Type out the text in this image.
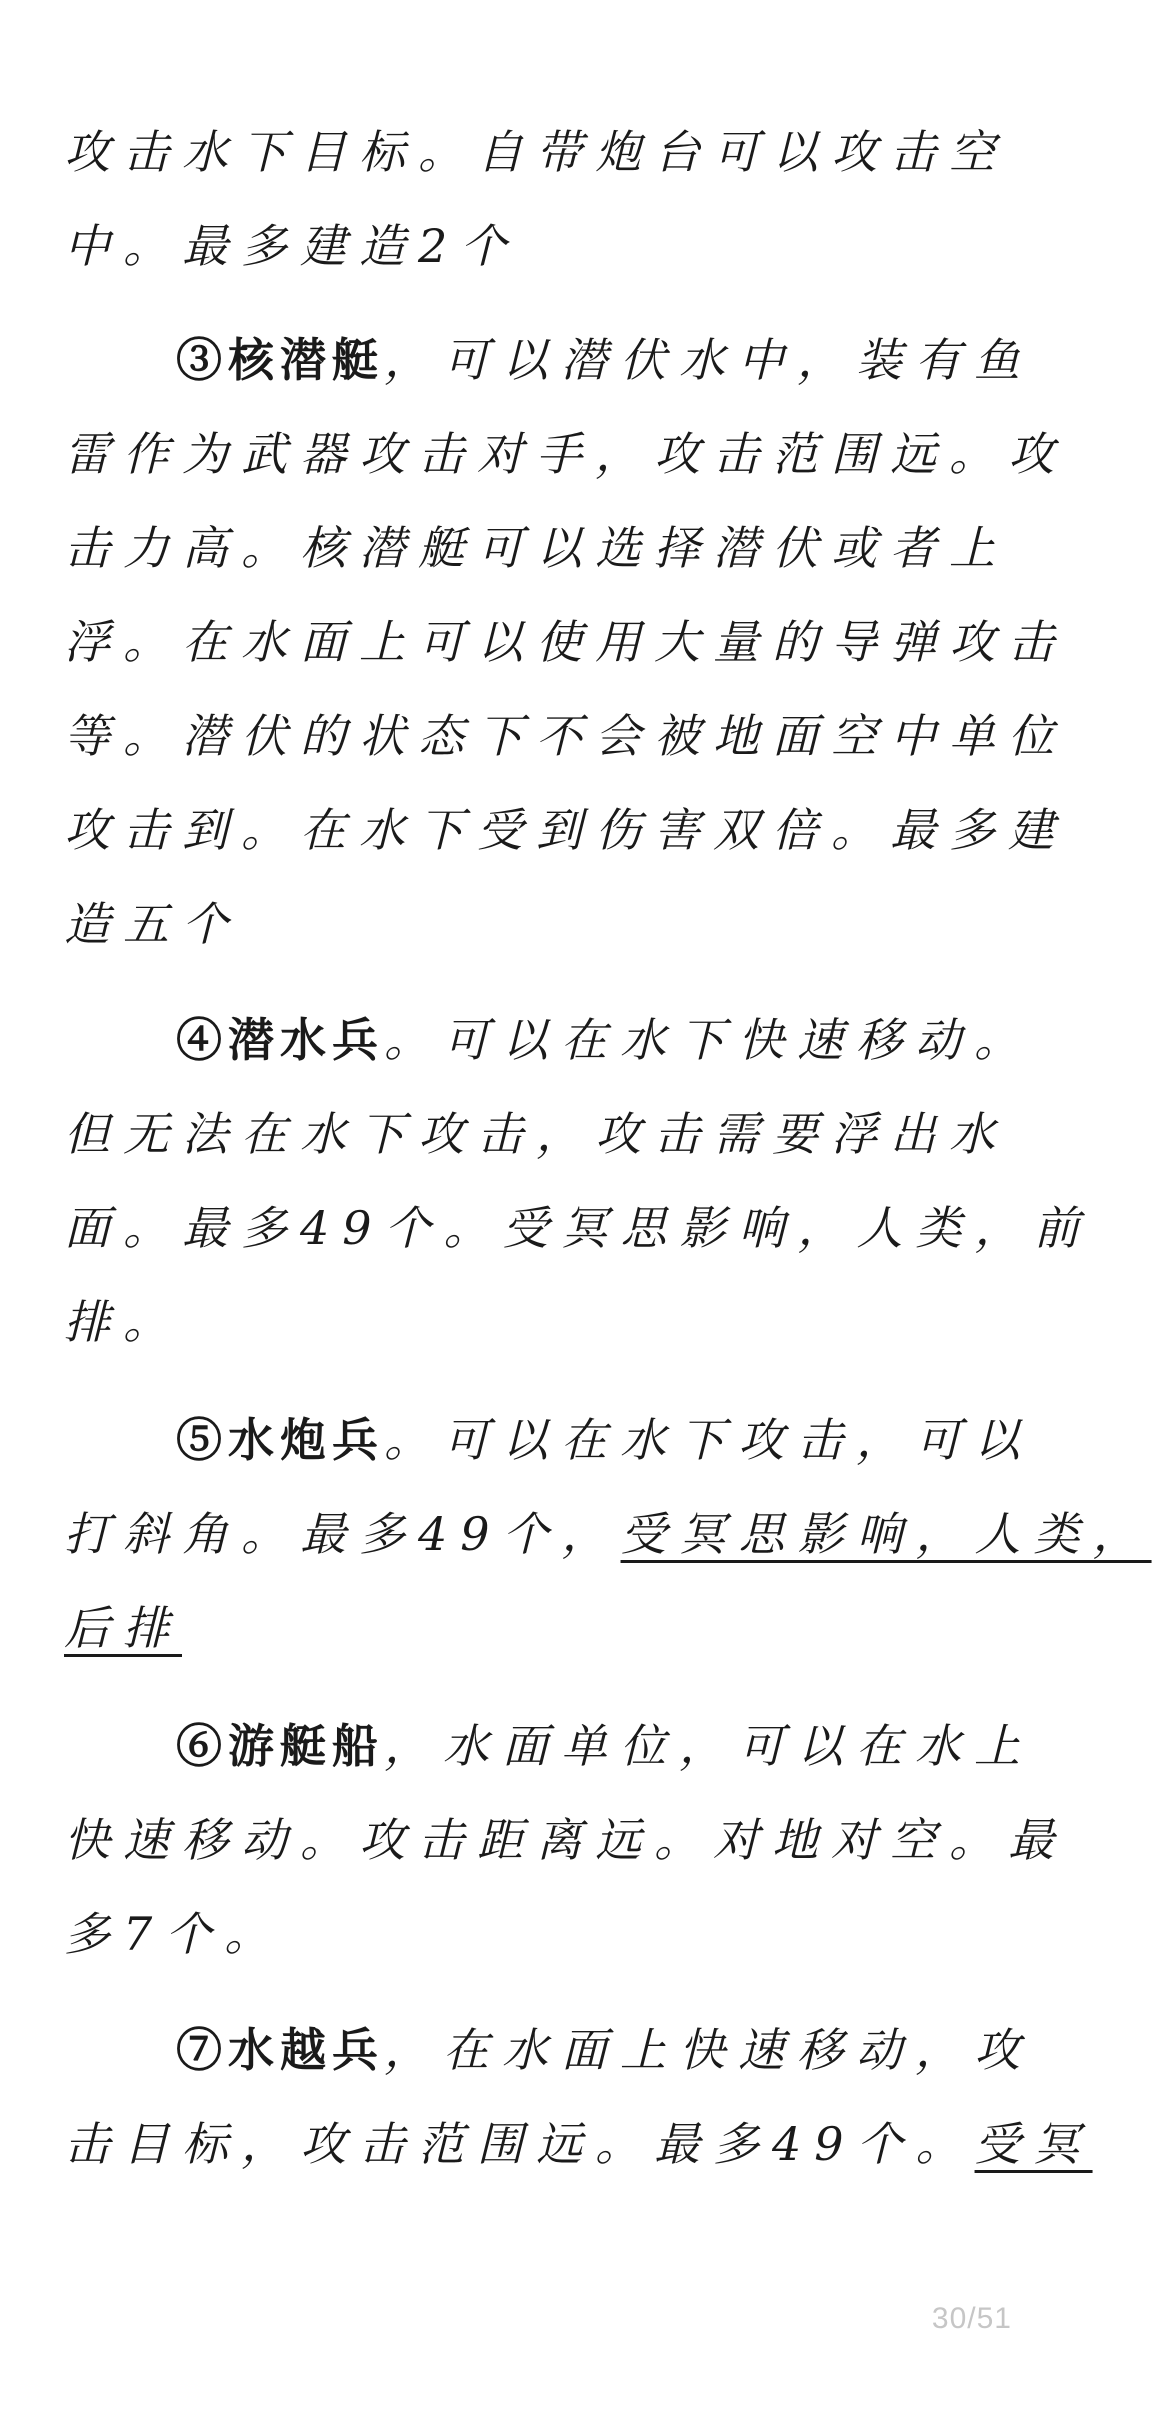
攻击水下目标。自带炮台可以攻击空
中。最多建造2个
③核潜艇，可以潜伏水中，装有鱼
雷作为武器攻击对手，攻击范围远。攻
击力高。核潜艇可以选择潜伏或者上
浮。在水面上可以使用大量的导弹攻击
等。潜伏的状态下不会被地面空中单位
攻击到。在水下受到伤害双倍。最多建
造五个
④潜水兵。可以在水下快速移动。
但无法在水下攻击，攻击需要浮出水
面。最多49个。受冥思影响，人类，前
排。
⑤水炮兵。可以在水下攻击，可以
打斜角。最多49个，受冥思影响，人类，
后排
⑥游艇船，水面单位，可以在水上
快速移动。攻击距离远。对地对空。最
多7个。
⑦水越兵，在水面上快速移动，攻
击目标，攻击范围远。最多49个。受冥
30/51
